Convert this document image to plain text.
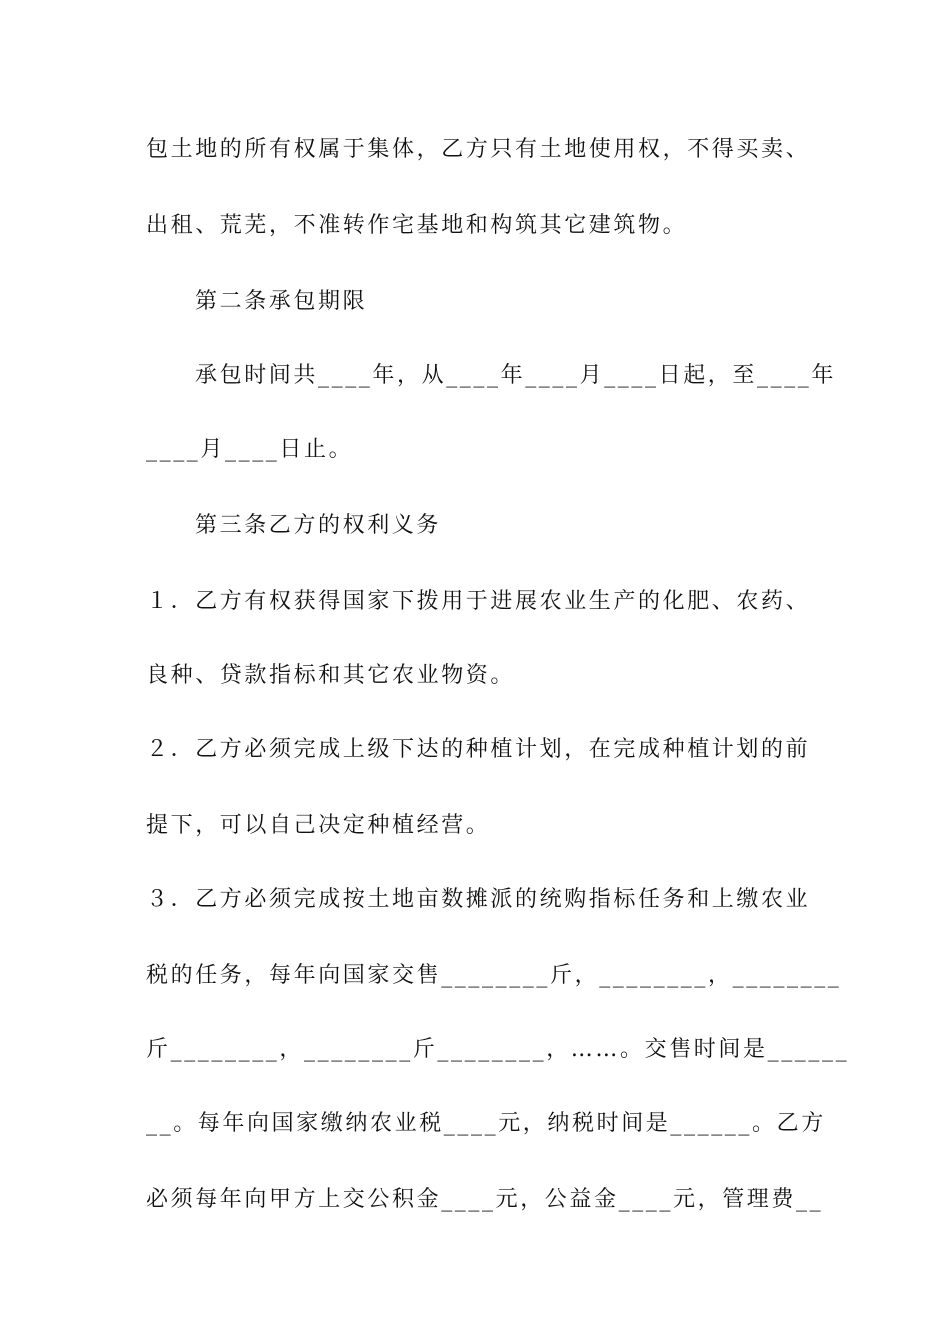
包土地的所有权属于集体，乙方只有土地使用权，不得买卖、
出租、荒芜，不准转作宅基地和构筑其它建筑物。
第二条承包期限
承包时间共____年，从____年____月____日起，至____年
____月____日止。
第三条乙方的权利义务
１．乙方有权获得国家下拨用于进展农业生产的化肥、农药、
良种、贷款指标和其它农业物资。
２．乙方必须完成上级下达的种植计划，在完成种植计划的前
提下，可以自己决定种植经营。
３．乙方必须完成按土地亩数摊派的统购指标任务和上缴农业
税的任务，每年向国家交售________斤，________，________
斤________，________斤________，……。交售时间是______
__。每年向国家缴纳农业税____元，纳税时间是______。乙方
必须每年向甲方上交公积金____元，公益金____元，管理费__
